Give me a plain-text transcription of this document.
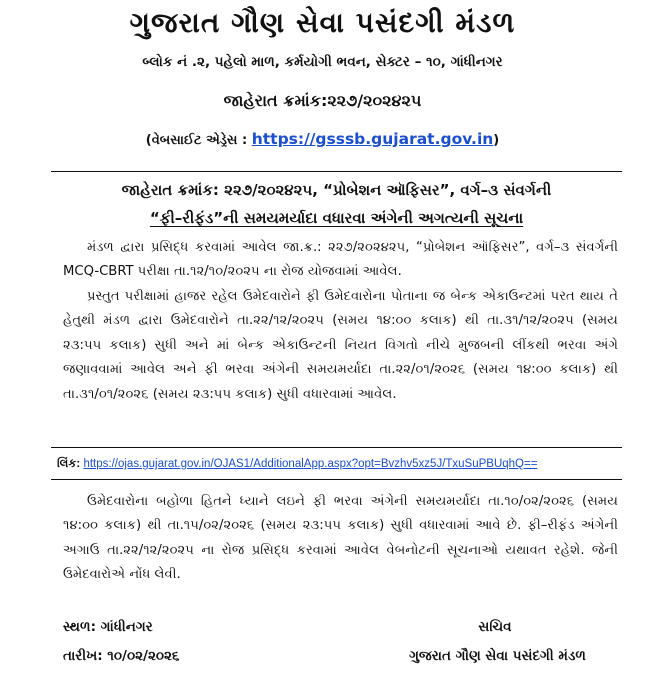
ગુજરાત ગૌણ સેવા પસંદગી મંડળ
બ્લોક નં .૨, પહેલો માળ, કર્મયોગી ભવન, સેક્ટર – ૧૦, ગાંધીનગર
જાહેરાત ક્રમાંક:૨૨૭/૨૦૨૪૨૫
(વેબસાઈટ એડ્રેસ : https://gsssb.gujarat.gov.in)
જાહેરાત ક્રમાંક: ૨૨૭/૨૦૨૪૨૫, “પ્રોબેશન ઑફિસર”, વર્ગ–૩ સંવર્ગની
“ફી–રીફંડ”ની સમયમર્યાદા વધારવા અંગેની અગત્યની સૂચના
મંડળ દ્વારા પ્રસિદ્ધ કરવામાં આવેલ જા.ક્ર.: ૨૨૭/૨૦૨૪૨૫, “પ્રોબેશન ઑફિસર”, વર્ગ–૩ સંવર્ગની MCQ-CBRT પરીક્ષા તા.૧૨/૧૦/૨૦૨૫ ના રોજ યોજવામાં આવેલ.
પ્રસ્તુત પરીક્ષામાં હાજર રહેલ ઉમેદવારોને ફી ઉમેદવારોના પોતાના જ બેન્ક એકાઉન્ટમાં પરત થાય તે હેતુથી મંડળ દ્વારા ઉમેદવારોને તા.૨૨/૧૨/૨૦૨૫ (સમય ૧૪:૦૦ કલાક) થી તા.૩૧/૧૨/૨૦૨૫ (સમય ૨૩:૫૫ કલાક) સુધી અને માં બેન્ક એકાઉન્ટની નિયત વિગતો નીચે મુજબની લીંકથી ભરવા અંગે જણાવવામાં આવેલ અને ફી ભરવા અંગેની સમયમર્યાદા તા.૨૨/૦૧/૨૦૨૬ (સમય ૧૪:૦૦ કલાક) થી તા.૩૧/૦૧/૨૦૨૬ (સમય ૨૩:૫૫ કલાક) સુધી વધારવામાં આવેલ.
લિંક: https://ojas.gujarat.gov.in/OJAS1/AdditionalApp.aspx?opt=Bvzhv5xz5J/TxuSuPBUqhQ==
ઉમેદવારોના બહોળા હિતને ધ્યાને લઇને ફી ભરવા અંગેની સમયમર્યાદા તા.૧૦/૦૨/૨૦૨૬ (સમય ૧૪:૦૦ કલાક) થી તા.૧૫/૦૨/૨૦૨૬ (સમય ૨૩:૫૫ કલાક) સુધી વધારવામાં આવે છે. ફી–રીફંડ અંગેની અગાઉ તા.૨૨/૧૨/૨૦૨૫ ના રોજ પ્રસિદ્ધ કરવામાં આવેલ વેબનોટની સૂચનાઓ યથાવત રહેશે. જેની ઉમેદવારોએ નોંધ લેવી.
સ્થળ: ગાંધીનગર
તારીખ: ૧૦/૦૨/૨૦૨૬
સચિવ
ગુજરાત ગૌણ સેવા પસંદગી મંડળ
